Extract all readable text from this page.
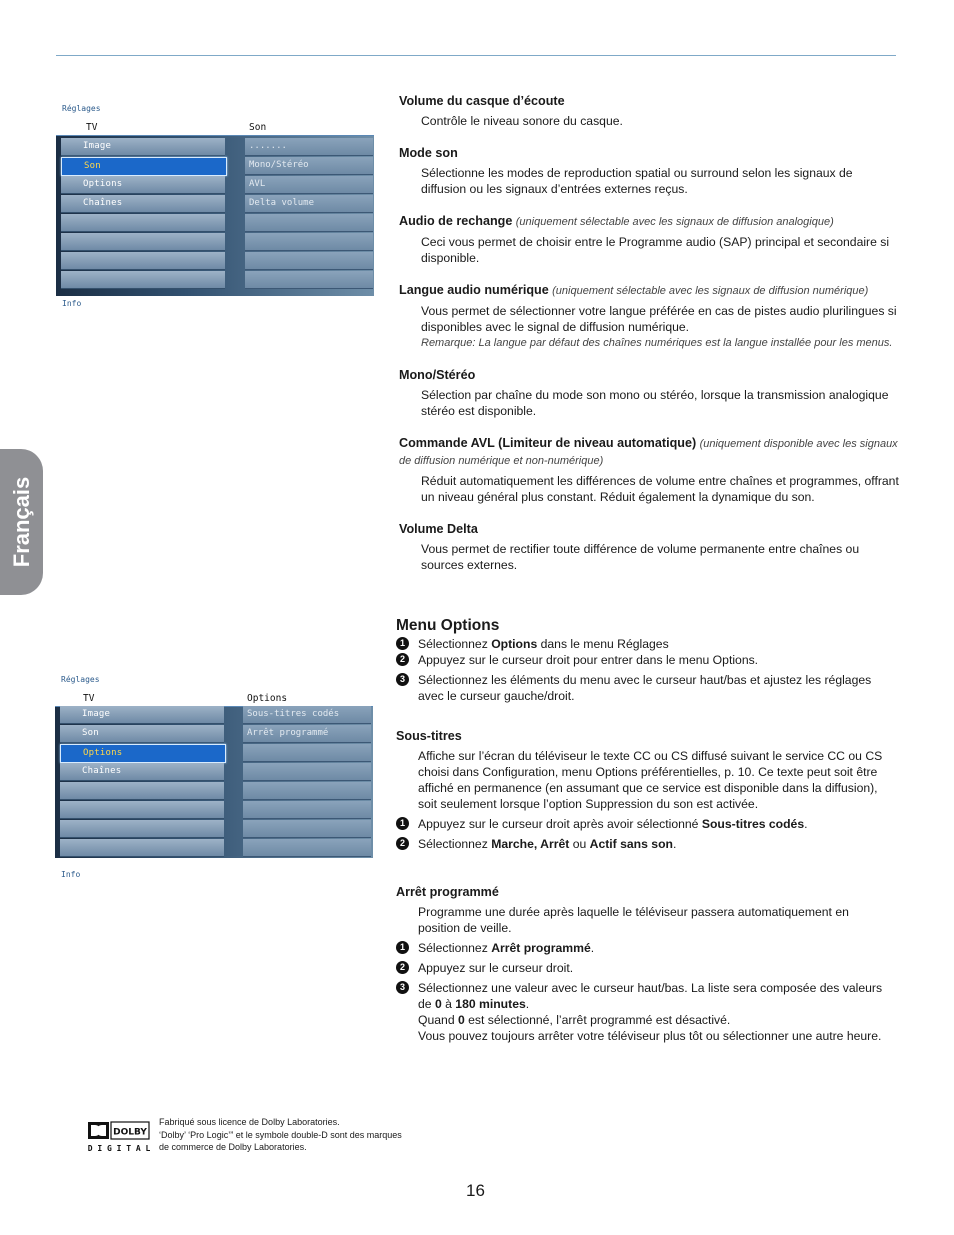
Français
Réglages
TV	Son
Image
Son
Options
Chaînes
.......
Mono/Stéréo
AVL
Delta volume
Info
Réglages
TV	Options
Image
Son
Options
Chaînes
Sous-titres codés
Arrêt programmé
Info
Volume du casque d’écoute
Contrôle le niveau sonore du casque.
Mode son
Sélectionne les modes de reproduction spatial ou surround selon les signaux de diffusion ou les signaux d’entrées externes reçus.
Audio de rechange (uniquement sélectable avec les signaux de diffusion analogique)
Ceci vous permet de choisir entre le Programme audio (SAP) principal et secondaire si disponible.
Langue audio numérique (uniquement sélectable avec les signaux de diffusion numérique)
Vous permet de sélectionner votre langue préférée en cas de pistes audio plurilingues si disponibles avec le signal de diffusion numérique.
Remarque: La langue par défaut des chaînes numériques est la langue installée pour les menus.
Mono/Stéréo
Sélection par chaîne du mode son mono ou stéréo, lorsque la transmission analogique stéréo est disponible.
Commande AVL (Limiteur de niveau automatique) (uniquement disponible avec les signaux de diffusion numérique et non-numérique)
Réduit automatiquement les différences de volume entre chaînes et programmes, offrant un niveau général plus constant. Réduit également la dynamique du son.
Volume Delta
Vous permet de rectifier toute différence de volume permanente entre chaînes ou sources externes.
Menu Options
1	Sélectionnez Options dans le menu Réglages
2	Appuyez sur le curseur droit pour entrer dans le menu Options.
3	Sélectionnez les éléments du menu avec le curseur haut/bas et ajustez les réglages avec le curseur gauche/droit.
Sous-titres
Affiche sur l’écran du téléviseur le texte CC ou CS diffusé suivant le service CC ou CS choisi dans Configuration, menu Options préférentielles, p. 10. Ce texte peut soit être affiché en permanence (en assumant que ce service est disponible dans la diffusion), soit seulement lorsque l’option Suppression du son est activée.
1	Appuyez sur le curseur droit après avoir sélectionné Sous-titres codés.
2	Sélectionnez Marche, Arrêt ou Actif sans son.
Arrêt programmé
Programme une durée après laquelle le téléviseur passera automatiquement en position de veille.
1	Sélectionnez Arrêt programmé.
2	Appuyez sur le curseur droit.
3	Sélectionnez une valeur avec le curseur haut/bas. La liste sera composée des valeurs de 0 à 180 minutes.
Quand 0 est sélectionné, l’arrêt programmé est désactivé.
Vous pouvez toujours arrêter votre téléviseur plus tôt ou sélectionner une autre heure.
DOLBY
D I G I T A L
Fabriqué sous licence de Dolby Laboratories.
‘Dolby’ ‘Pro Logic’” et le symbole double-D sont des marques de commerce de Dolby Laboratories.
16
